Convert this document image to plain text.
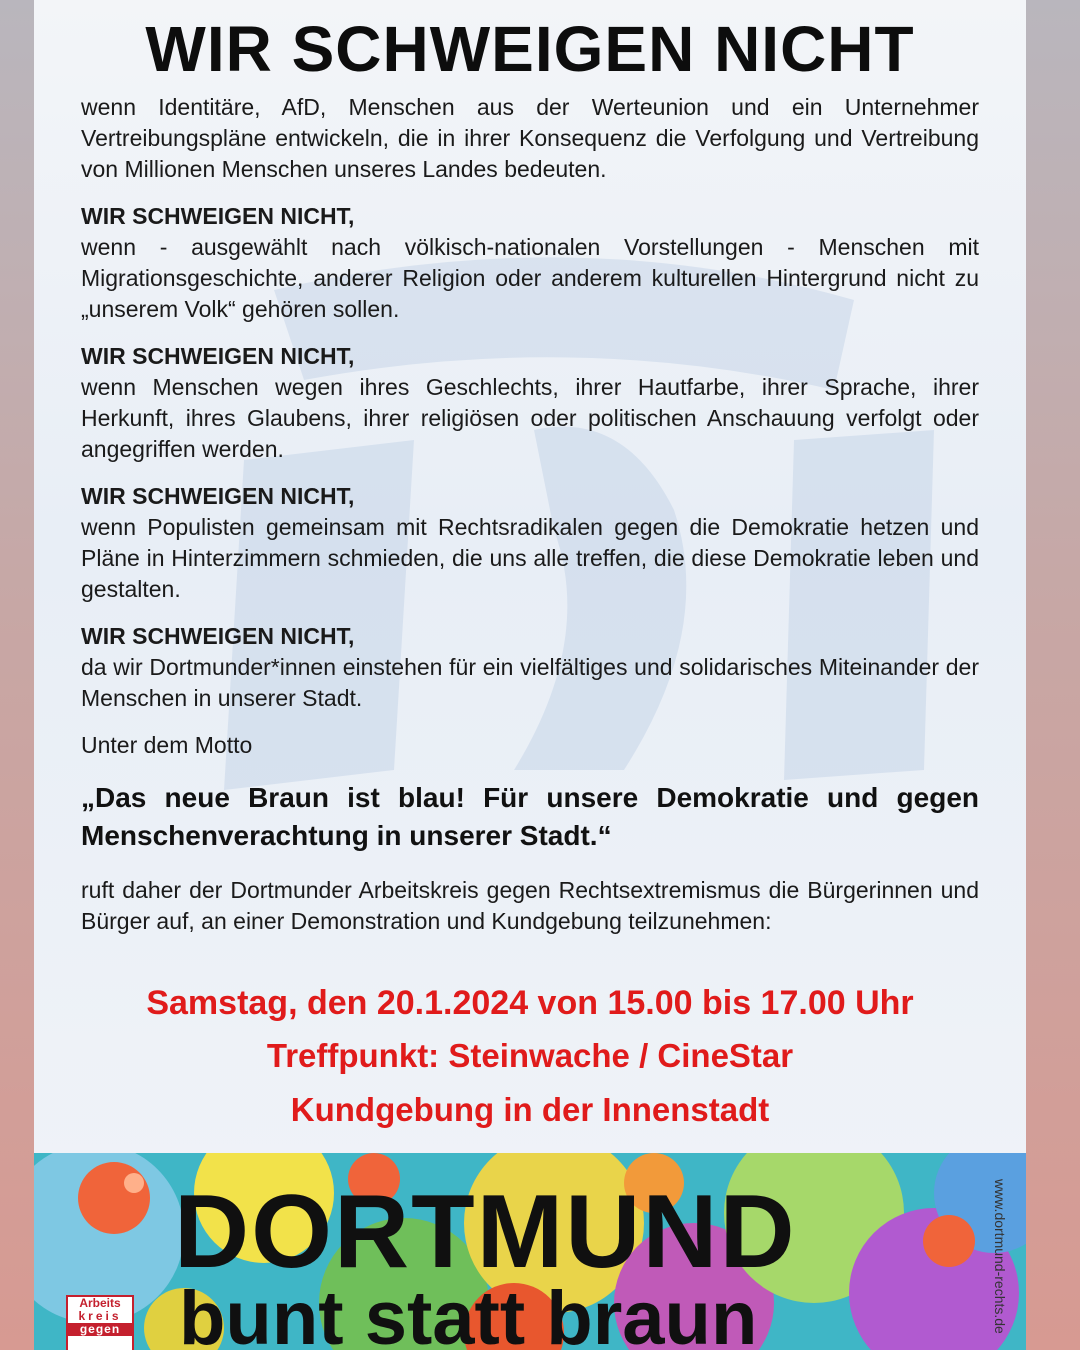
WIR SCHWEIGEN NICHT

wenn Identitäre, AfD, Menschen aus der Werteunion und ein Unternehmer Vertreibungspläne entwickeln, die in ihrer Konsequenz die Verfolgung und Vertreibung von Millionen Menschen unseres Landes bedeuten.

WIR SCHWEIGEN NICHT,
wenn - ausgewählt nach völkisch-nationalen Vorstellungen - Menschen mit Migrationsgeschichte, anderer Religion oder anderem kulturellen Hintergrund nicht zu „unserem Volk“ gehören sollen.

WIR SCHWEIGEN NICHT,
wenn Menschen wegen ihres Geschlechts, ihrer Hautfarbe, ihrer Sprache, ihrer Herkunft, ihres Glaubens, ihrer religiösen oder politischen Anschauung verfolgt oder angegriffen werden.

WIR SCHWEIGEN NICHT,
wenn Populisten gemeinsam mit Rechtsradikalen gegen die Demokratie hetzen und Pläne in Hinterzimmern schmieden, die uns alle treffen, die diese Demokratie leben und gestalten.

WIR SCHWEIGEN NICHT,
da wir Dortmunder*innen einstehen für ein vielfältiges und solidarisches Miteinander der Menschen in unserer Stadt.

Unter dem Motto

„Das neue Braun ist blau! Für unsere Demokratie und gegen Menschenverachtung in unserer Stadt.“

ruft daher der Dortmunder Arbeitskreis gegen Rechtsextremismus die Bürgerinnen und Bürger auf, an einer Demonstration und Kundgebung teilzunehmen:

Samstag, den 20.1.2024 von 15.00 bis 17.00 Uhr
Treffpunkt: Steinwache / CineStar
Kundgebung in der Innenstadt
DORTMUND
bunt statt braun	www.dortmund-rechts.de
Arbeits
kreis
gegen
